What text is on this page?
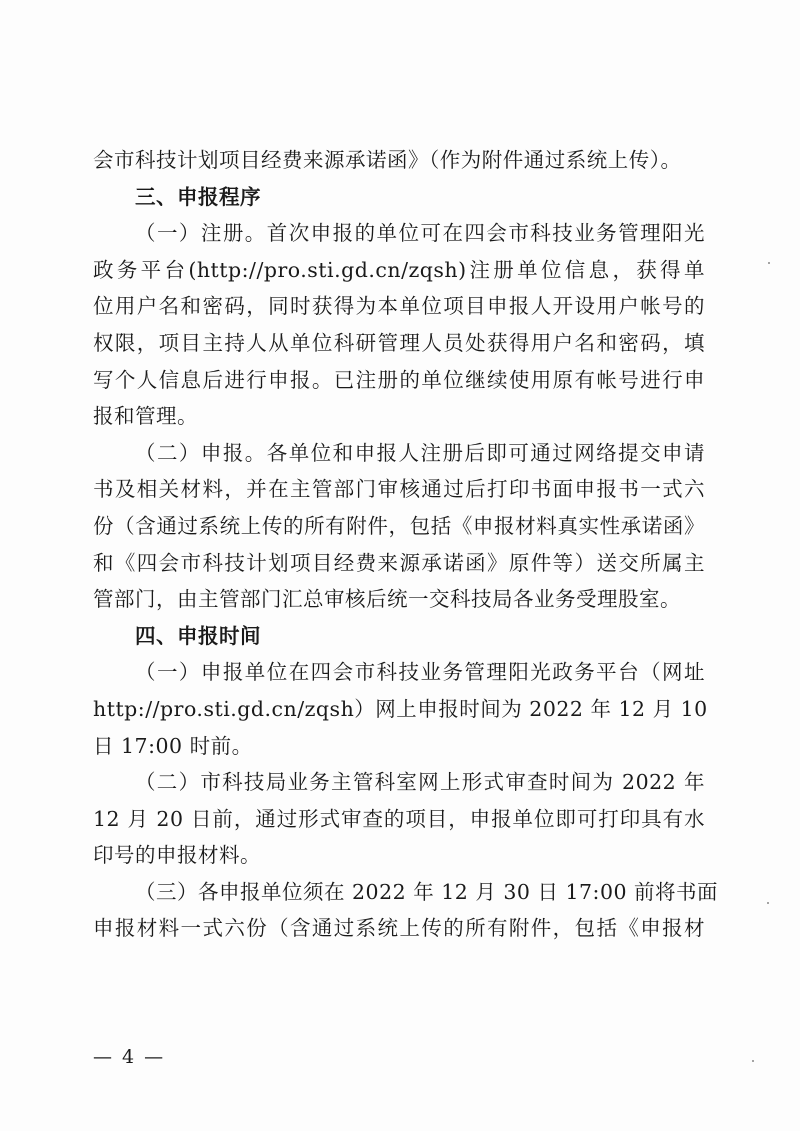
会市科技计划项目经费来源承诺函》（作为附件通过系统上传）。
三、申报程序
（一）注册。首次申报的单位可在四会市科技业务管理阳光
政务平台(http://pro.sti.gd.cn/zqsh)注册单位信息，获得单
位用户名和密码，同时获得为本单位项目申报人开设用户帐号的
权限，项目主持人从单位科研管理人员处获得用户名和密码，填
写个人信息后进行申报。已注册的单位继续使用原有帐号进行申
报和管理。
（二）申报。各单位和申报人注册后即可通过网络提交申请
书及相关材料，并在主管部门审核通过后打印书面申报书一式六
份（含通过系统上传的所有附件，包括《申报材料真实性承诺函》
和《四会市科技计划项目经费来源承诺函》原件等）送交所属主
管部门，由主管部门汇总审核后统一交科技局各业务受理股室。
四、申报时间
（一）申报单位在四会市科技业务管理阳光政务平台（网址
http://pro.sti.gd.cn/zqsh）网上申报时间为 2022 年 12 月 10
日 17:00 时前。
（二）市科技局业务主管科室网上形式审查时间为 2022 年
12 月 20 日前，通过形式审查的项目，申报单位即可打印具有水
印号的申报材料。
（三）各申报单位须在 2022 年 12 月 30 日 17:00 前将书面
申报材料一式六份（含通过系统上传的所有附件，包括《申报材
— 4 —
